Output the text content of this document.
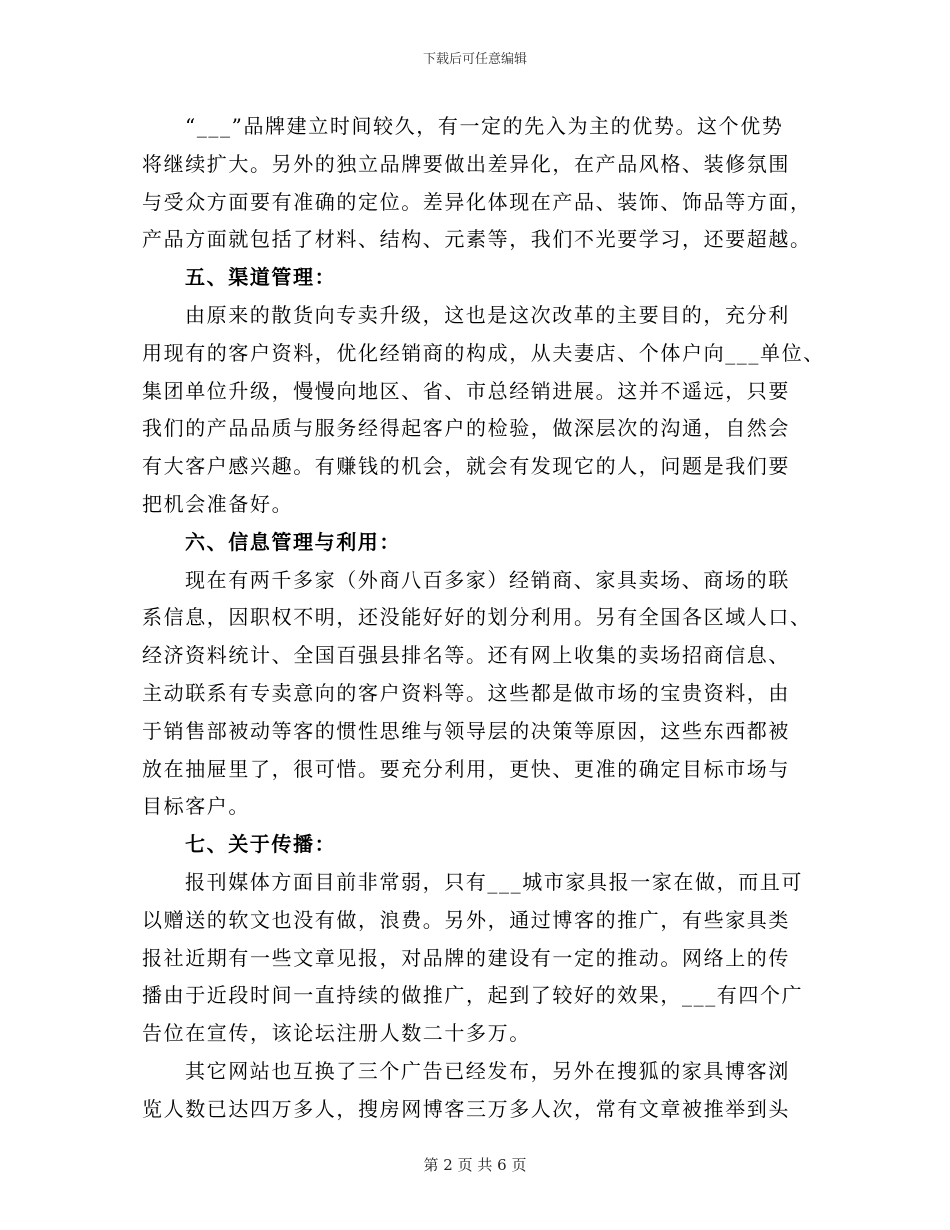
下载后可任意编辑
“___”品牌建立时间较久，有一定的先入为主的优势。这个优势
将继续扩大。另外的独立品牌要做出差异化，在产品风格、装修氛围
与受众方面要有准确的定位。差异化体现在产品、装饰、饰品等方面，
产品方面就包括了材料、结构、元素等，我们不光要学习，还要超越。
五、渠道管理：
由原来的散货向专卖升级，这也是这次改革的主要目的，充分利
用现有的客户资料，优化经销商的构成，从夫妻店、个体户向___单位、
集团单位升级，慢慢向地区、省、市总经销进展。这并不遥远，只要
我们的产品品质与服务经得起客户的检验，做深层次的沟通，自然会
有大客户感兴趣。有赚钱的机会，就会有发现它的人，问题是我们要
把机会准备好。
六、信息管理与利用：
现在有两千多家（外商八百多家）经销商、家具卖场、商场的联
系信息，因职权不明，还没能好好的划分利用。另有全国各区域人口、
经济资料统计、全国百强县排名等。还有网上收集的卖场招商信息、
主动联系有专卖意向的客户资料等。这些都是做市场的宝贵资料，由
于销售部被动等客的惯性思维与领导层的决策等原因，这些东西都被
放在抽屉里了，很可惜。要充分利用，更快、更准的确定目标市场与
目标客户。
七、关于传播：
报刊媒体方面目前非常弱，只有___城市家具报一家在做，而且可
以赠送的软文也没有做，浪费。另外，通过博客的推广，有些家具类
报社近期有一些文章见报，对品牌的建设有一定的推动。网络上的传
播由于近段时间一直持续的做推广，起到了较好的效果，___有四个广
告位在宣传，该论坛注册人数二十多万。
其它网站也互换了三个广告已经发布，另外在搜狐的家具博客浏
览人数已达四万多人，搜房网博客三万多人次，常有文章被推举到头
第 2 页 共 6 页
